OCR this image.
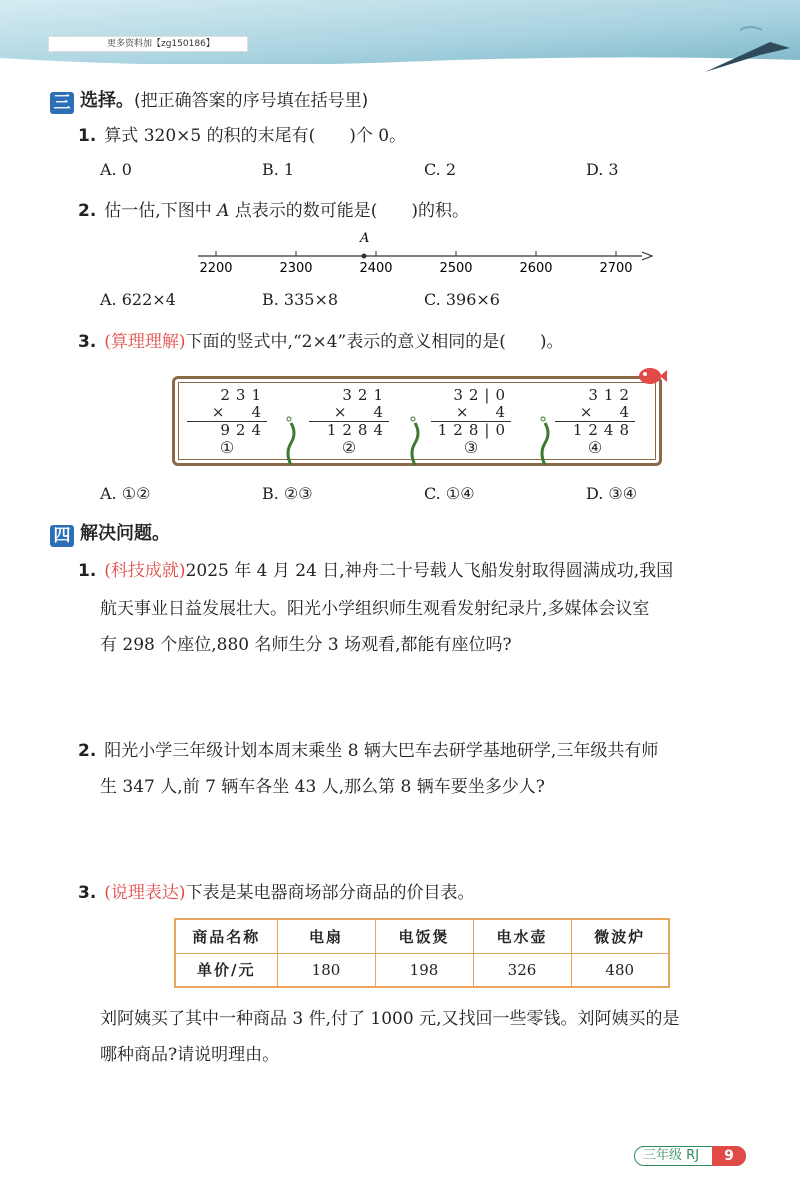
更多资料加【zg150186】
三 选择。(把正确答案的序号填在括号里)
1. 算式 320×5 的积的末尾有(　　)个 0。
A. 0	B. 1	C. 2	D. 3
2. 估一估,下图中 A 点表示的数可能是(　　)的积。
2200	2300	2400	2500	2600	2700
A
A. 622×4	B. 335×8	C. 396×6
3. (算理理解)下面的竖式中,“2×4”表示的意义相同的是(　　)。
231
×　4
924
①
321
×　4
1284
②
32|0
×　4
128|0
③
312
×　4
1248
④
A. ①②	B. ②③	C. ①④	D. ③④
四 解决问题。
1. (科技成就)2025 年 4 月 24 日,神舟二十号载人飞船发射取得圆满成功,我国
航天事业日益发展壮大。阳光小学组织师生观看发射纪录片,多媒体会议室
有 298 个座位,880 名师生分 3 场观看,都能有座位吗?
2. 阳光小学三年级计划本周末乘坐 8 辆大巴车去研学基地研学,三年级共有师
生 347 人,前 7 辆车各坐 43 人,那么第 8 辆车要坐多少人?
3. (说理表达)下表是某电器商场部分商品的价目表。
商品名称	电扇	电饭煲	电水壶	微波炉
单价/元	180	198	326	480
刘阿姨买了其中一种商品 3 件,付了 1000 元,又找回一些零钱。刘阿姨买的是
哪种商品?请说明理由。
三年级 RJ	9
